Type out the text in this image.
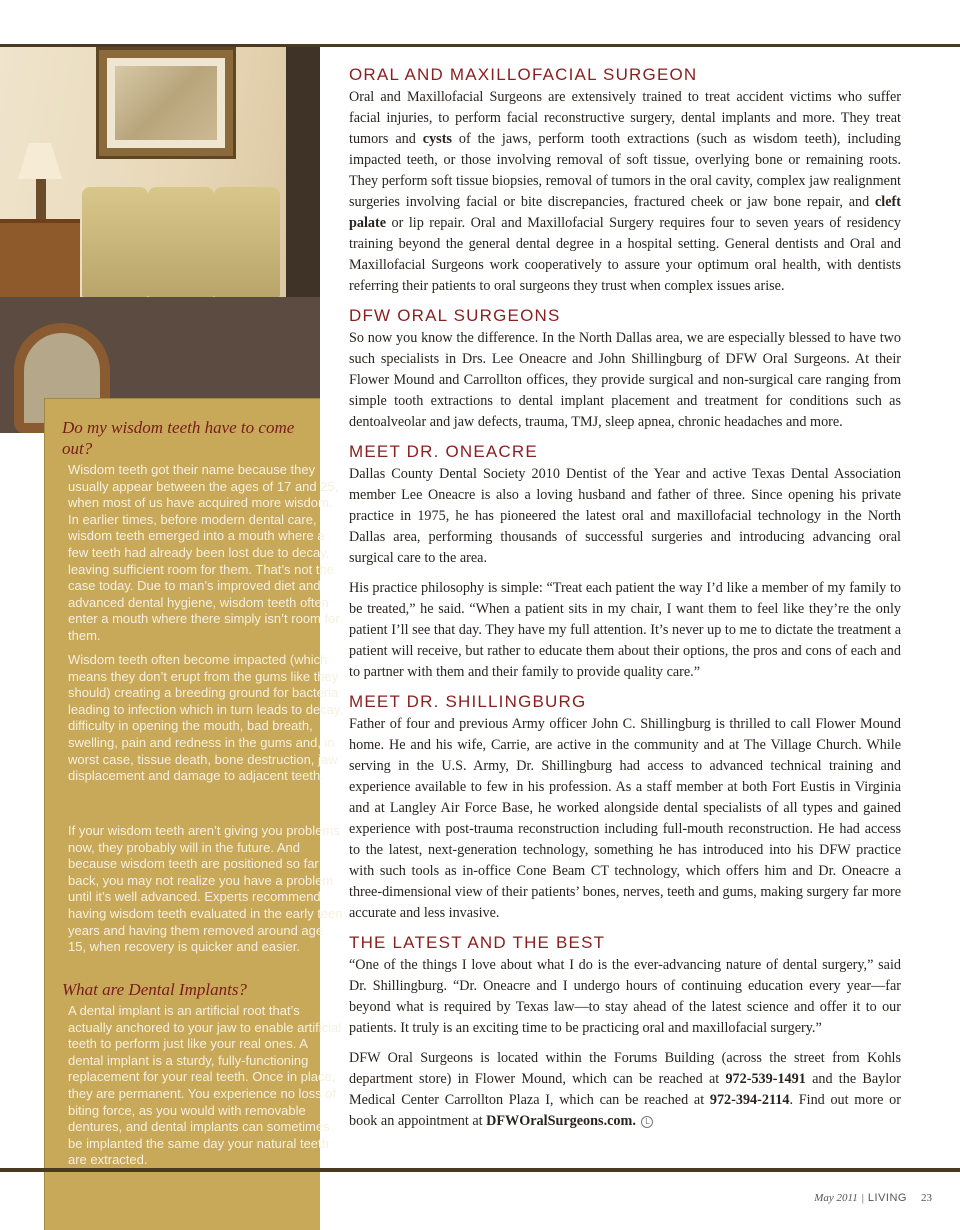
Do my wisdom teeth have to come out?

Wisdom teeth got their name because they usually appear between the ages of 17 and 25, when most of us have acquired more wisdom. In earlier times, before modern dental care, wisdom teeth emerged into a mouth where a few teeth had already been lost due to decay, leaving sufficient room for them. That’s not the case today. Due to man’s improved diet and advanced dental hygiene, wisdom teeth often enter a mouth where there simply isn’t room for them.

Wisdom teeth often become impacted (which means they don’t erupt from the gums like they should) creating a breeding ground for bacteria leading to infection which in turn leads to decay, difficulty in opening the mouth, bad breath, swelling, pain and redness in the gums and, in worst case, tissue death, bone destruction, jaw displacement and damage to adjacent teeth.

If your wisdom teeth aren’t giving you problems now, they probably will in the future. And because wisdom teeth are positioned so far back, you may not realize you have a problem until it’s well advanced. Experts recommend having wisdom teeth evaluated in the early teen years and having them removed around age 15, when recovery is quicker and easier.

What are Dental Implants?

A dental implant is an artificial root that’s actually anchored to your jaw to enable artificial teeth to perform just like your real ones. A dental implant is a sturdy, fully-functioning replacement for your real teeth. Once in place, they are permanent. You experience no loss of biting force, as you would with removable dentures, and dental implants can sometimes be implanted the same day your natural teeth are extracted.

ORAL AND MAXILLOFACIAL SURGEON

Oral and Maxillofacial Surgeons are extensively trained to treat accident victims who suffer facial injuries, to perform facial reconstructive surgery, dental implants and more. They treat tumors and cysts of the jaws, perform tooth extractions (such as wisdom teeth), including impacted teeth, or those involving removal of soft tissue, overlying bone or remaining roots. They perform soft tissue biopsies, removal of tumors in the oral cavity, complex jaw realignment surgeries involving facial or bite discrepancies, fractured cheek or jaw bone repair, and cleft palate or lip repair. Oral and Maxillofacial Surgery requires four to seven years of residency training beyond the general dental degree in a hospital setting. General dentists and Oral and Maxillofacial Surgeons work cooperatively to assure your optimum oral health, with dentists referring their patients to oral surgeons they trust when complex issues arise.

DFW ORAL SURGEONS

So now you know the difference. In the North Dallas area, we are especially blessed to have two such specialists in Drs. Lee Oneacre and John Shillingburg of DFW Oral Surgeons. At their Flower Mound and Carrollton offices, they provide surgical and non-surgical care ranging from simple tooth extractions to dental implant placement and treatment for conditions such as dentoalveolar and jaw defects, trauma, TMJ, sleep apnea, chronic headaches and more.

MEET DR. ONEACRE

Dallas County Dental Society 2010 Dentist of the Year and active Texas Dental Association member Lee Oneacre is also a loving husband and father of three. Since opening his private practice in 1975, he has pioneered the latest oral and maxillofacial technology in the North Dallas area, performing thousands of successful surgeries and introducing advancing oral surgical care to the area.

His practice philosophy is simple: “Treat each patient the way I’d like a member of my family to be treated,” he said. “When a patient sits in my chair, I want them to feel like they’re the only patient I’ll see that day. They have my full attention. It’s never up to me to dictate the treatment a patient will receive, but rather to educate them about their options, the pros and cons of each and to partner with them and their family to provide quality care.”

MEET DR. SHILLINGBURG

Father of four and previous Army officer John C. Shillingburg is thrilled to call Flower Mound home. He and his wife, Carrie, are active in the community and at The Village Church. While serving in the U.S. Army, Dr. Shillingburg had access to advanced technical training and experience available to few in his profession. As a staff member at both Fort Eustis in Virginia and at Langley Air Force Base, he worked alongside dental specialists of all types and gained experience with post-trauma reconstruction including full-mouth reconstruction. He had access to the latest, next-generation technology, something he has introduced into his DFW practice with such tools as in-office Cone Beam CT technology, which offers him and Dr. Oneacre a three-dimensional view of their patients’ bones, nerves, teeth and gums, making surgery far more accurate and less invasive.

THE LATEST AND THE BEST

“One of the things I love about what I do is the ever-advancing nature of dental surgery,” said Dr. Shillingburg. “Dr. Oneacre and I undergo hours of continuing education every year—far beyond what is required by Texas law—to stay ahead of the latest science and offer it to our patients. It truly is an exciting time to be practicing oral and maxillofacial surgery.”

DFW Oral Surgeons is located within the Forums Building (across the street from Kohls department store) in Flower Mound, which can be reached at 972-539-1491 and the Baylor Medical Center Carrollton Plaza I, which can be reached at 972-394-2114. Find out more or book an appointment at DFWOralSurgeons.com. L

May 2011 | LIVING 23
